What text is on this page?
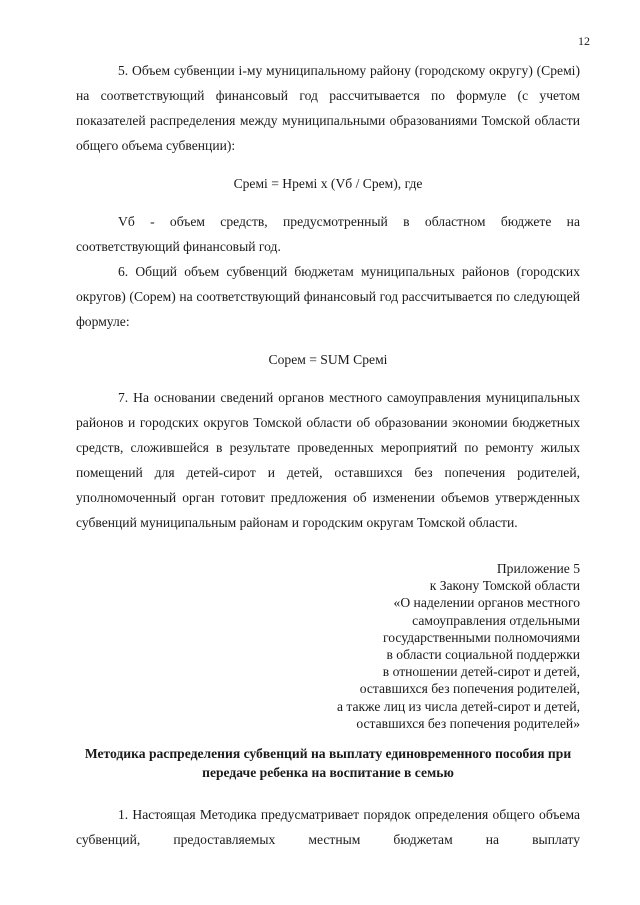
12

5. Объем субвенции i-му муниципальному району (городскому округу) (Сремі) на соответствующий финансовый год рассчитывается по формуле (с учетом показателей распределения между муниципальными образованиями Томской области общего объема субвенции):

Сремі = Нремі х (Vб / Срем), где

Vб - объем средств, предусмотренный в областном бюджете на соответствующий финансовый год.

6. Общий объем субвенций бюджетам муниципальных районов (городских округов) (Сорем) на соответствующий финансовый год рассчитывается по следующей формуле:

Сорем = SUM Сремі

7. На основании сведений органов местного самоуправления муниципальных районов и городских округов Томской области об образовании экономии бюджетных средств, сложившейся в результате проведенных мероприятий по ремонту жилых помещений для детей-сирот и детей, оставшихся без попечения родителей, уполномоченный орган готовит предложения об изменении объемов утвержденных субвенций муниципальным районам и городским округам Томской области.

Приложение 5
к Закону Томской области
«О наделении органов местного
самоуправления отдельными
государственными полномочиями
в области социальной поддержки
в отношении детей-сирот и детей,
оставшихся без попечения родителей,
а также лиц из числа детей-сирот и детей,
оставшихся без попечения родителей»
Методика распределения субвенций на выплату единовременного пособия при
передаче ребенка на воспитание в семью

1. Настоящая Методика предусматривает порядок определения общего объема субвенций, предоставляемых местным бюджетам на выплату
